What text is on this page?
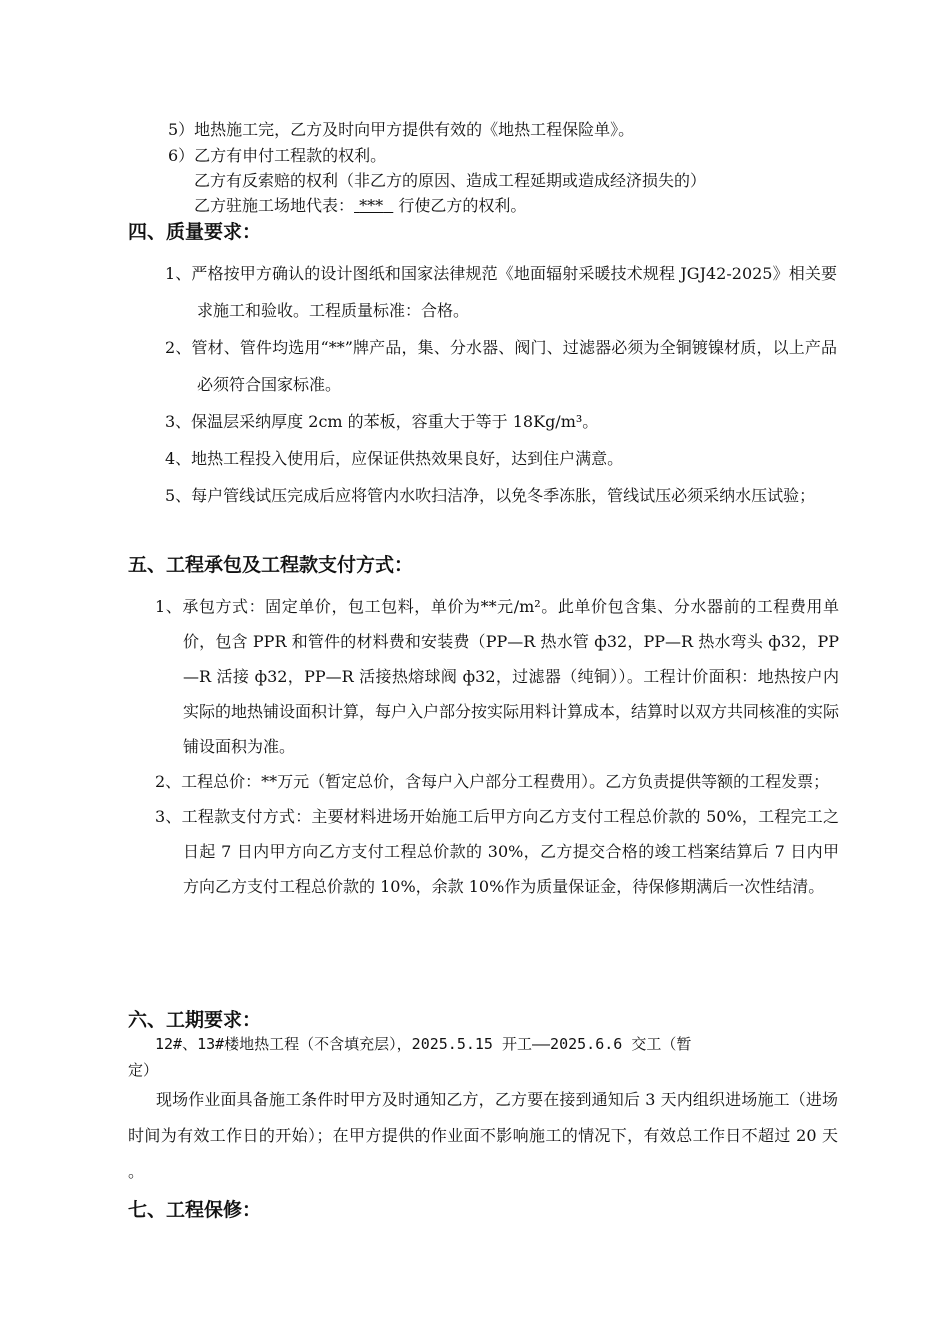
5）地热施工完，乙方及时向甲方提供有效的《地热工程保险单》。
6）乙方有申付工程款的权利。
乙方有反索赔的权利（非乙方的原因、造成工程延期或造成经济损失的）
乙方驻施工场地代表： *** 行使乙方的权利。
四、质量要求：
1、严格按甲方确认的设计图纸和国家法律规范《地面辐射采暖技术规程 JGJ42-2025》相关要求施工和验收。工程质量标准：合格。
2、管材、管件均选用“**”牌产品，集、分水器、阀门、过滤器必须为全铜镀镍材质，以上产品必须符合国家标准。
3、保温层采纳厚度 2cm 的苯板，容重大于等于 18Kg/m³。
4、地热工程投入使用后，应保证供热效果良好，达到住户满意。
5、每户管线试压完成后应将管内水吹扫洁净，以免冬季冻胀，管线试压必须采纳水压试验；
五、工程承包及工程款支付方式：
1、承包方式：固定单价，包工包料，单价为**元/m²。此单价包含集、分水器前的工程费用单价，包含 PPR 和管件的材料费和安装费（PP—R 热水管 ф32，PP—R 热水弯头 ф32，PP—R 活接 ф32，PP—R 活接热熔球阀 ф32，过滤器（纯铜））。工程计价面积：地热按户内实际的地热铺设面积计算，每户入户部分按实际用料计算成本，结算时以双方共同核准的实际铺设面积为准。
2、工程总价：**万元（暂定总价，含每户入户部分工程费用）。乙方负责提供等额的工程发票；
3、工程款支付方式：主要材料进场开始施工后甲方向乙方支付工程总价款的 50%，工程完工之日起 7 日内甲方向乙方支付工程总价款的 30%，乙方提交合格的竣工档案结算后 7 日内甲方向乙方支付工程总价款的 10%，余款 10%作为质量保证金，待保修期满后一次性结清。
六、工期要求：
12#、13#楼地热工程（不含填充层），2025.5.15 开工——2025.6.6 交工（暂
定）
现场作业面具备施工条件时甲方及时通知乙方，乙方要在接到通知后 3 天内组织进场施工（进场时间为有效工作日的开始）；在甲方提供的作业面不影响施工的情况下，有效总工作日不超过 20 天 。
七、工程保修：
